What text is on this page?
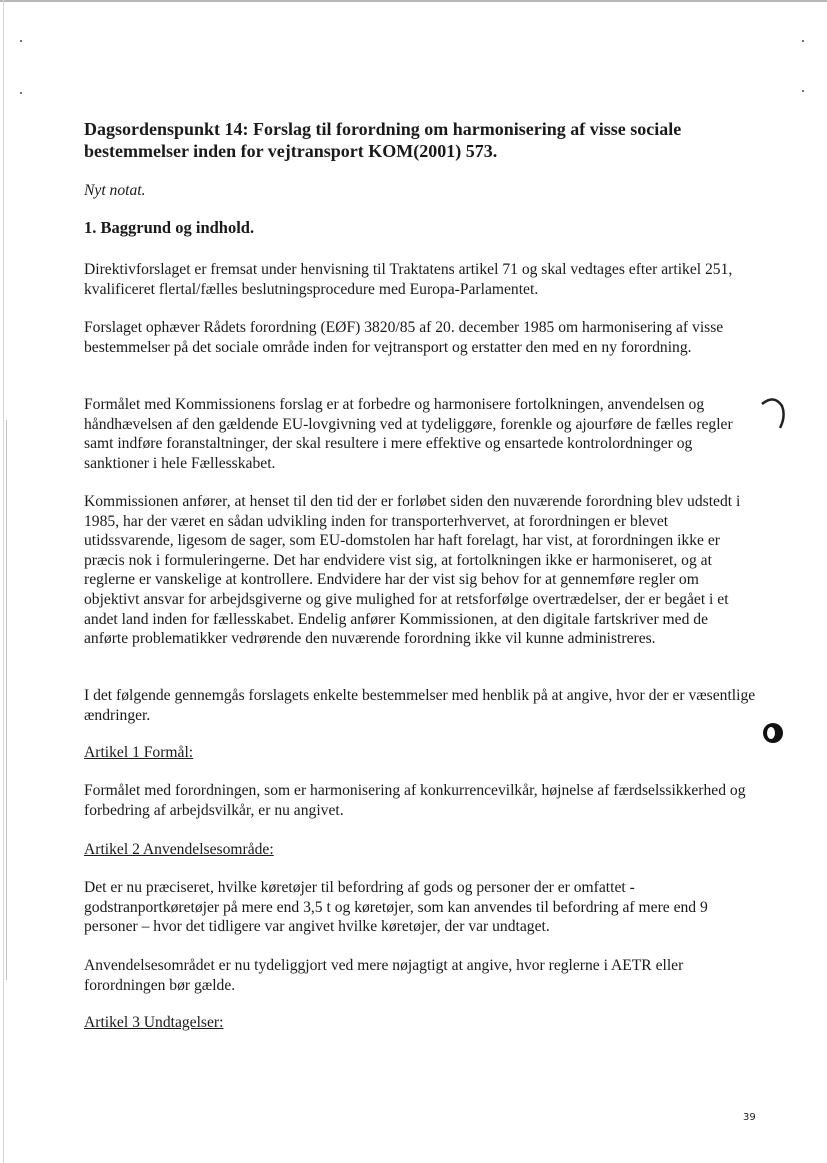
Dagsordenspunkt 14: Forslag til forordning om harmonisering af visse sociale bestemmelser inden for vejtransport KOM(2001) 573.

Nyt notat.

1. Baggrund og indhold.

Direktivforslaget er fremsat under henvisning til Traktatens artikel 71 og skal vedtages efter artikel 251, kvalificeret flertal/fælles beslutningsprocedure med Europa-Parlamentet.

Forslaget ophæver Rådets forordning (EØF) 3820/85 af 20. december 1985 om harmonisering af visse bestemmelser på det sociale område inden for vejtransport og erstatter den med en ny forordning.

Formålet med Kommissionens forslag er at forbedre og harmonisere fortolkningen, anvendelsen og håndhævelsen af den gældende EU-lovgivning ved at tydeliggøre, forenkle og ajourføre de fælles regler samt indføre foranstaltninger, der skal resultere i mere effektive og ensartede kontrolordninger og sanktioner i hele Fællesskabet.

Kommissionen anfører, at henset til den tid der er forløbet siden den nuværende forordning blev udstedt i 1985, har der været en sådan udvikling inden for transporterhvervet, at forordningen er blevet utidssvarende, ligesom de sager, som EU-domstolen har haft forelagt, har vist, at forordningen ikke er præcis nok i formuleringerne. Det har endvidere vist sig, at fortolkningen ikke er harmoniseret, og at reglerne er vanskelige at kontrollere. Endvidere har der vist sig behov for at gennemføre regler om objektivt ansvar for arbejdsgiverne og give mulighed for at retsforfølge overtrædelser, der er begået i et andet land inden for fællesskabet. Endelig anfører Kommissionen, at den digitale fartskriver med de anførte problematikker vedrørende den nuværende forordning ikke vil kunne administreres.

I det følgende gennemgås forslagets enkelte bestemmelser med henblik på at angive, hvor der er væsentlige ændringer.

Artikel 1 Formål:

Formålet med forordningen, som er harmonisering af konkurrencevilkår, højnelse af færdselssikkerhed og forbedring af arbejdsvilkår, er nu angivet.

Artikel 2 Anvendelsesområde:

Det er nu præciseret, hvilke køretøjer til befordring af gods og personer der er omfattet - godstranportkøretøjer på mere end 3,5 t og køretøjer, som kan anvendes til befordring af mere end 9 personer – hvor det tidligere var angivet hvilke køretøjer, der var undtaget.

Anvendelsesområdet er nu tydeliggjort ved mere nøjagtigt at angive, hvor reglerne i AETR eller forordningen bør gælde.

Artikel 3 Undtagelser:

39
